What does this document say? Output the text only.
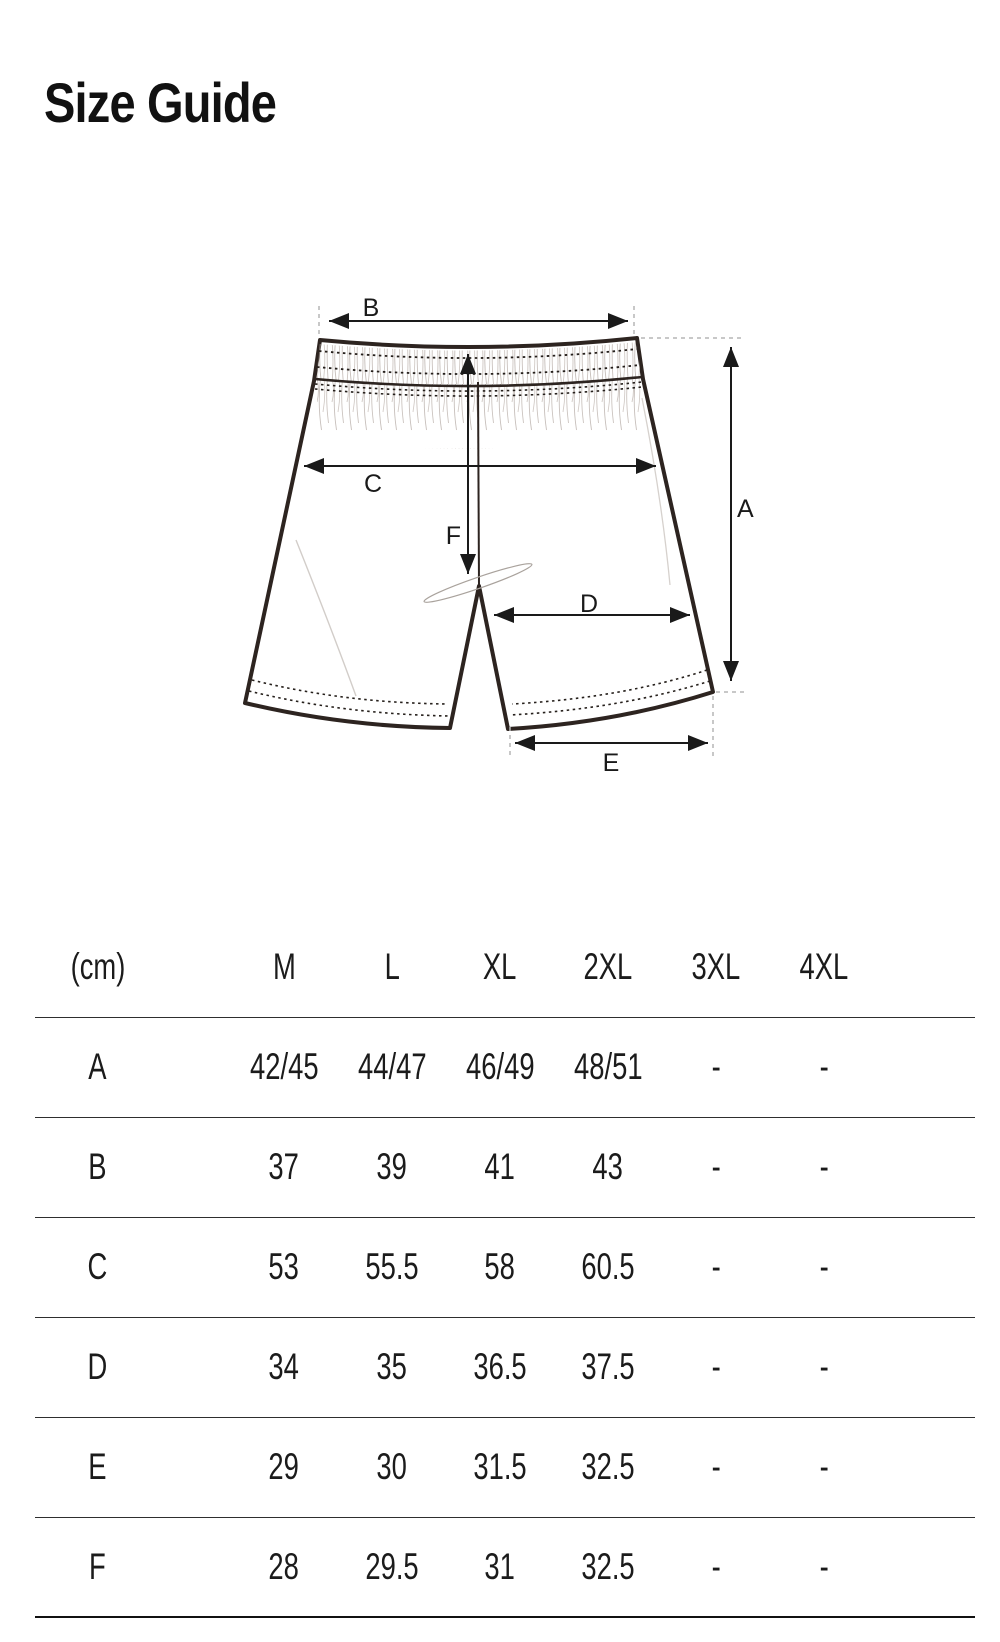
Size Guide
B
C
A
F
D
E
(cm)	M	L	XL	2XL	3XL	4XL	
A	42/45	44/47	46/49	48/51	-	-	
B	37	39	41	43	-	-	
C	53	55.5	58	60.5	-	-	
D	34	35	36.5	37.5	-	-	
E	29	30	31.5	32.5	-	-	
F	28	29.5	31	32.5	-	-	
